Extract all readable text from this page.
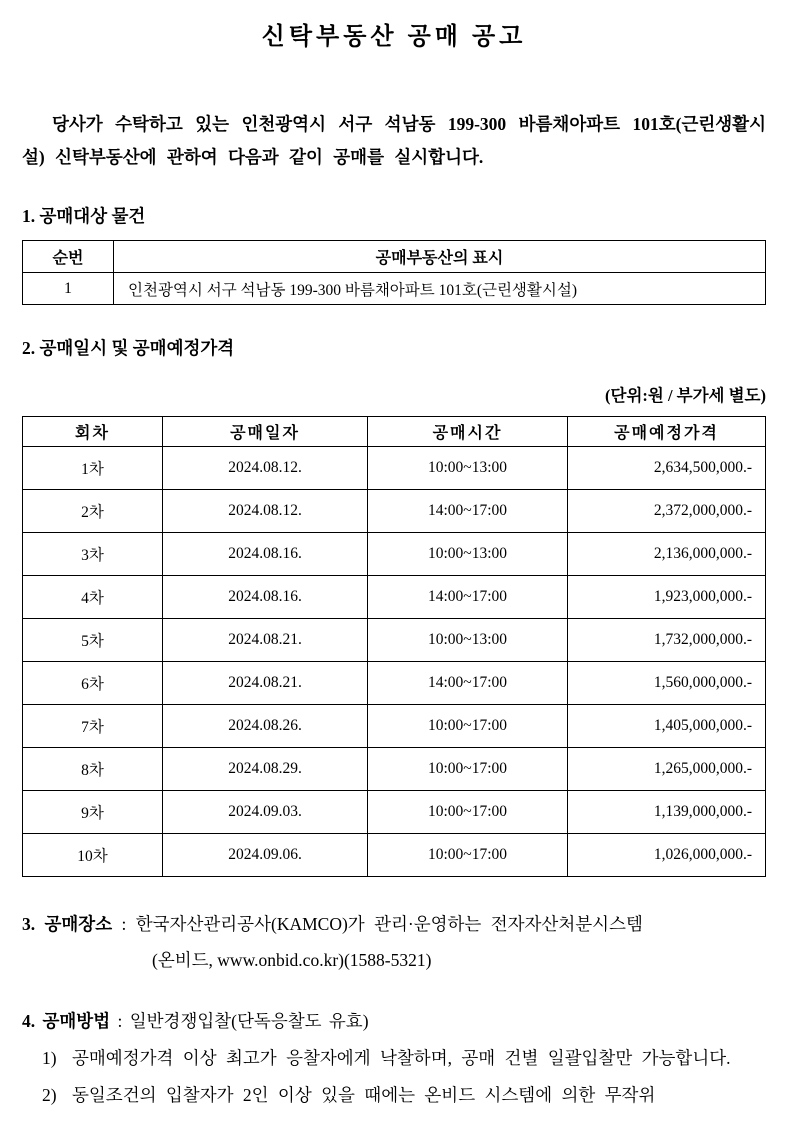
신탁부동산 공매 공고

당사가 수탁하고 있는 인천광역시 서구 석남동 199-300 바름채아파트 101호(근린생활시설) 신탁부동산에 관하여 다음과 같이 공매를 실시합니다.

1. 공매대상 물건
순번	공매부동산의 표시
1	인천광역시 서구 석남동 199-300 바름채아파트 101호(근린생활시설)
2. 공매일시 및 공매예정가격
(단위:원 / 부가세 별도)
회차	공매일자	공매시간	공매예정가격
1차	2024.08.12.	10:00~13:00	2,634,500,000.-
2차	2024.08.12.	14:00~17:00	2,372,000,000.-
3차	2024.08.16.	10:00~13:00	2,136,000,000.-
4차	2024.08.16.	14:00~17:00	1,923,000,000.-
5차	2024.08.21.	10:00~13:00	1,732,000,000.-
6차	2024.08.21.	14:00~17:00	1,560,000,000.-
7차	2024.08.26.	10:00~17:00	1,405,000,000.-
8차	2024.08.29.	10:00~17:00	1,265,000,000.-
9차	2024.09.03.	10:00~17:00	1,139,000,000.-
10차	2024.09.06.	10:00~17:00	1,026,000,000.-
3. 공매장소 : 한국자산관리공사(KAMCO)가 관리·운영하는 전자자산처분시스템
(온비드, www.onbid.co.kr)(1588-5321)
4. 공매방법 : 일반경쟁입찰(단독응찰도 유효)
1) 공매예정가격 이상 최고가 응찰자에게 낙찰하며, 공매 건별 일괄입찰만 가능합니다.
2) 동일조건의 입찰자가 2인 이상 있을 때에는 온비드 시스템에 의한 무작위
